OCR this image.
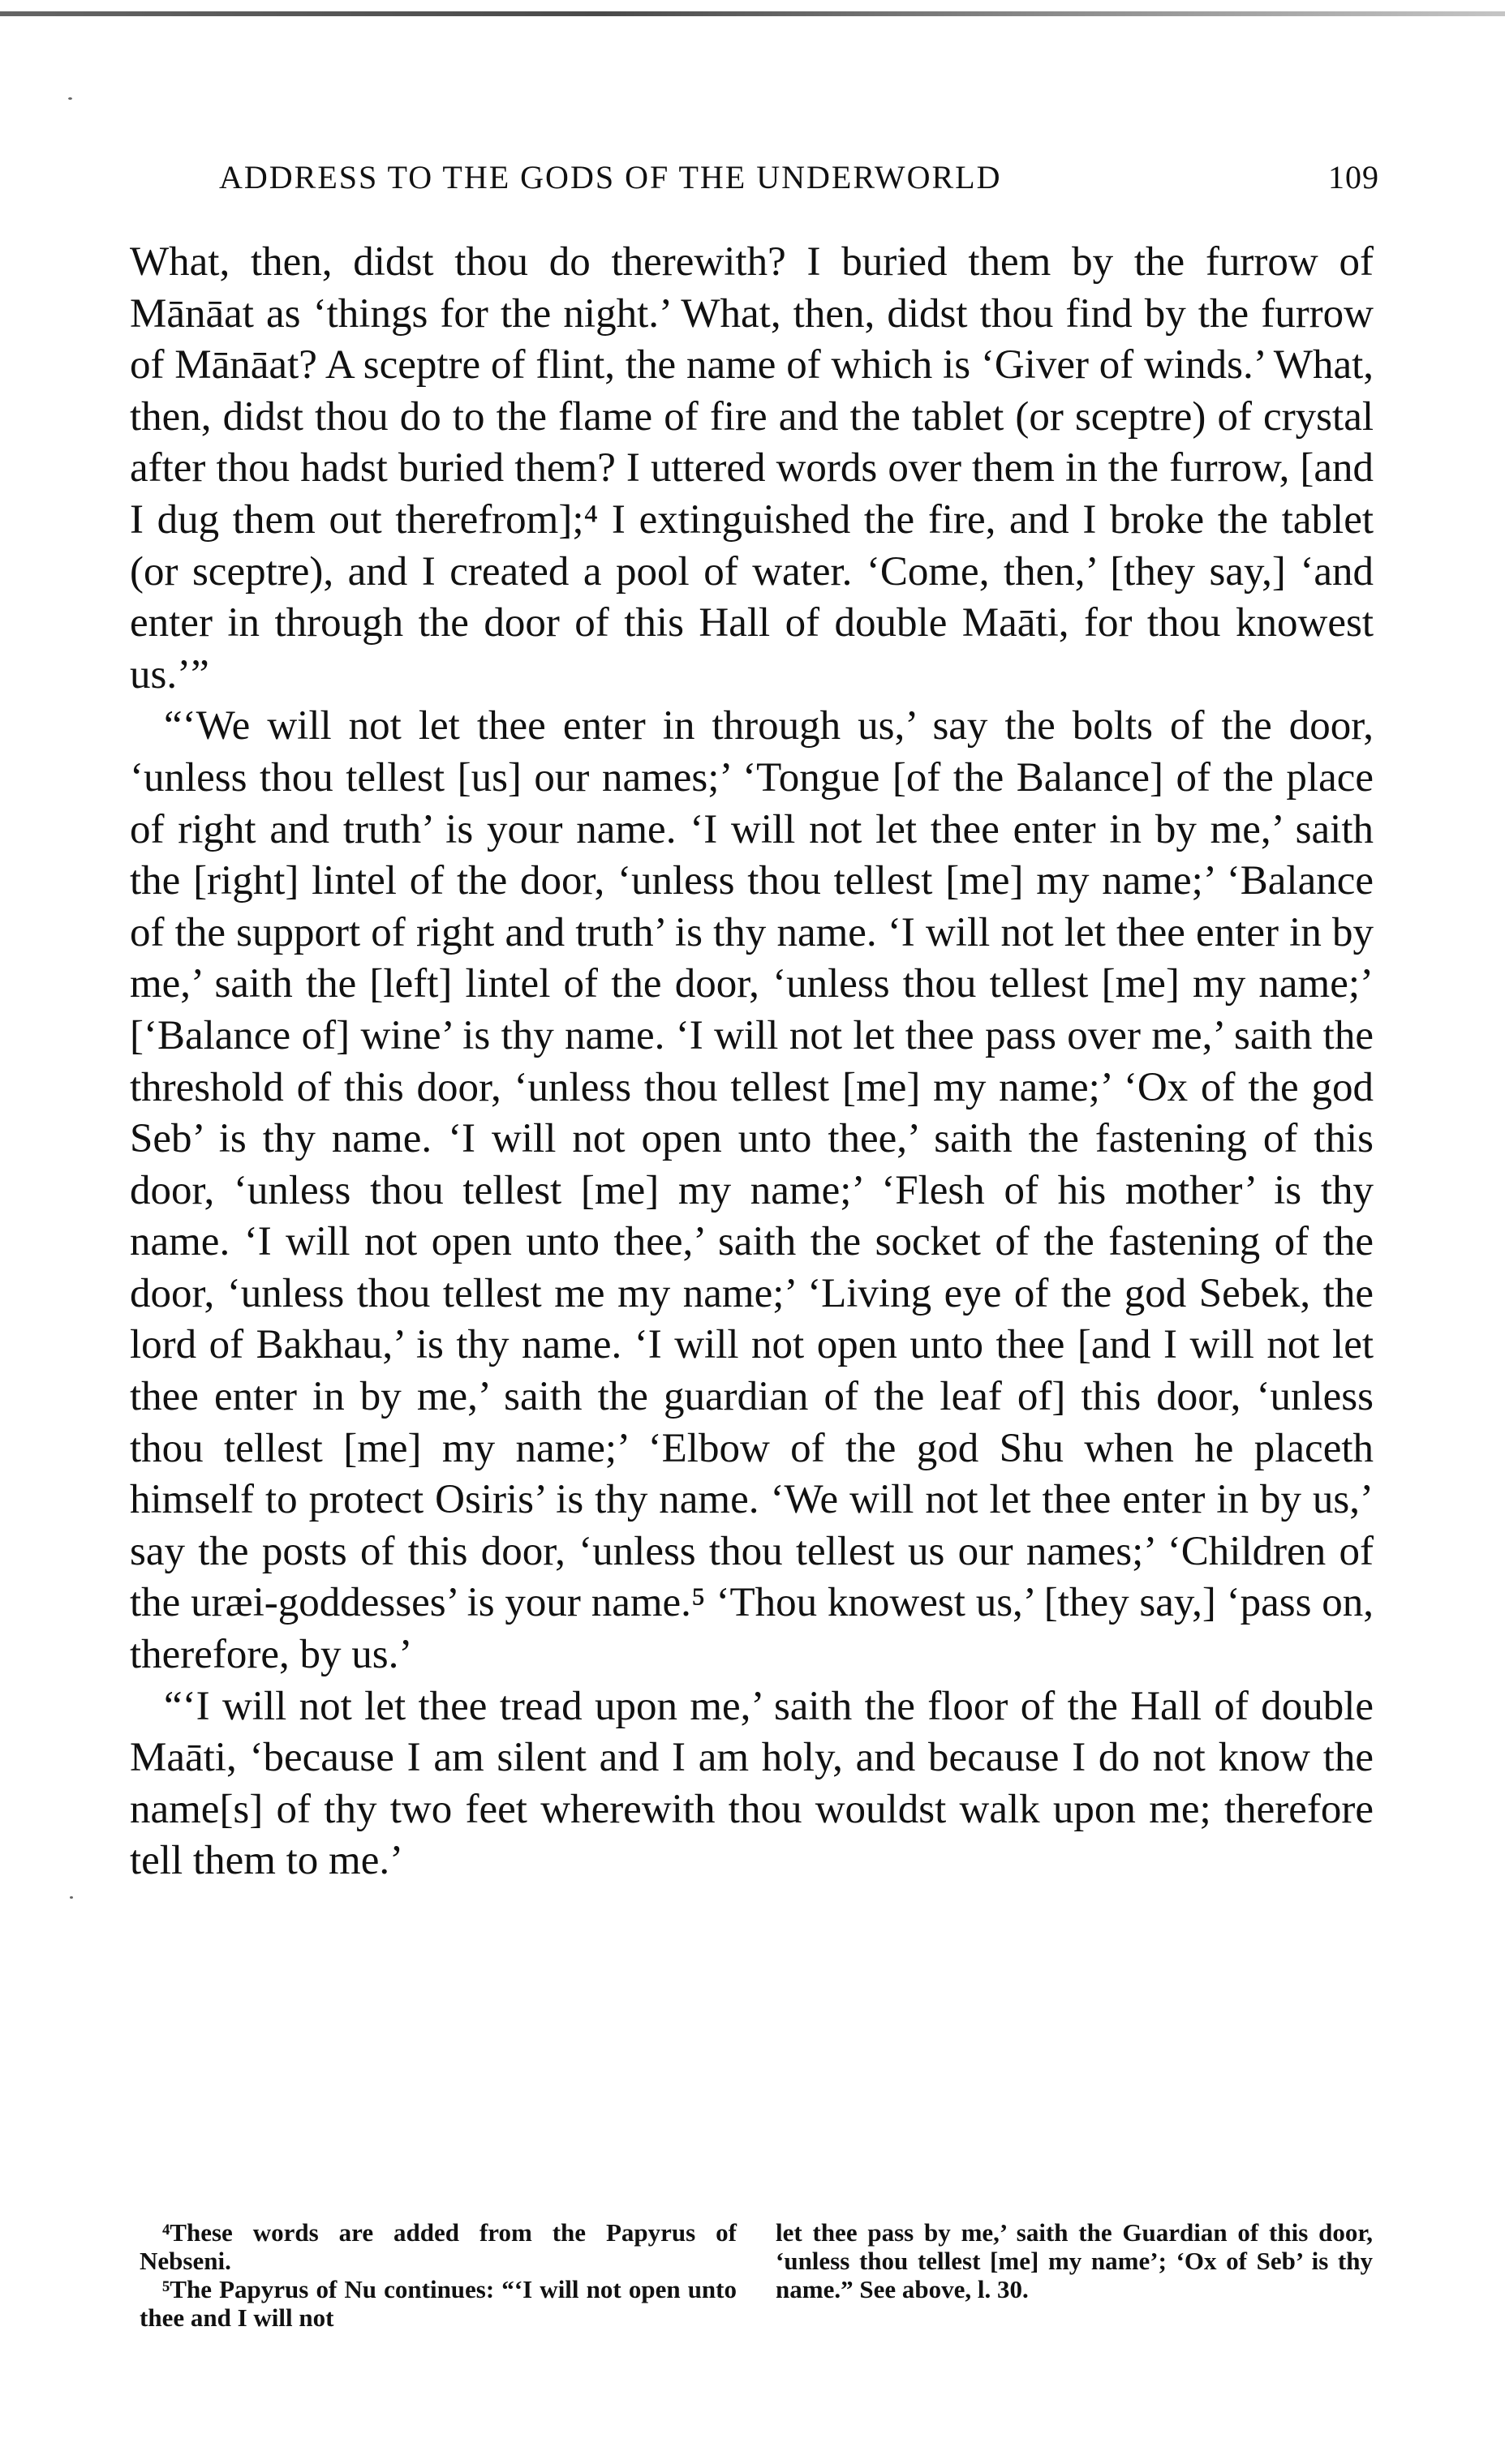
ADDRESS TO THE GODS OF THE UNDERWORLD	109

What, then, didst thou do therewith? I buried them by the furrow of Mānāat as ‘things for the night.’ What, then, didst thou find by the furrow of Mānāat? A sceptre of flint, the name of which is ‘Giver of winds.’ What, then, didst thou do to the flame of fire and the tablet (or sceptre) of crystal after thou hadst buried them? I uttered words over them in the furrow, [and I dug them out therefrom];⁴ I extinguished the fire, and I broke the tablet (or sceptre), and I created a pool of water. ‘Come, then,’ [they say,] ‘and enter in through the door of this Hall of double Maāti, for thou knowest us.’”

“‘We will not let thee enter in through us,’ say the bolts of the door, ‘unless thou tellest [us] our names;’ ‘Tongue [of the Balance] of the place of right and truth’ is your name. ‘I will not let thee enter in by me,’ saith the [right] lintel of the door, ‘unless thou tellest [me] my name;’ ‘Balance of the support of right and truth’ is thy name. ‘I will not let thee enter in by me,’ saith the [left] lintel of the door, ‘unless thou tellest [me] my name;’ [‘Balance of] wine’ is thy name. ‘I will not let thee pass over me,’ saith the threshold of this door, ‘unless thou tellest [me] my name;’ ‘Ox of the god Seb’ is thy name. ‘I will not open unto thee,’ saith the fastening of this door, ‘unless thou tellest [me] my name;’ ‘Flesh of his mother’ is thy name. ‘I will not open unto thee,’ saith the socket of the fastening of the door, ‘unless thou tellest me my name;’ ‘Living eye of the god Sebek, the lord of Bakhau,’ is thy name. ‘I will not open unto thee [and I will not let thee enter in by me,’ saith the guardian of the leaf of] this door, ‘unless thou tellest [me] my name;’ ‘Elbow of the god Shu when he placeth himself to protect Osiris’ is thy name. ‘We will not let thee enter in by us,’ say the posts of this door, ‘unless thou tellest us our names;’ ‘Children of the uræi-goddesses’ is your name.⁵ ‘Thou knowest us,’ [they say,] ‘pass on, therefore, by us.’

“‘I will not let thee tread upon me,’ saith the floor of the Hall of double Maāti, ‘because I am silent and I am holy, and because I do not know the name[s] of thy two feet wherewith thou wouldst walk upon me; therefore tell them to me.’

⁴These words are added from the Papyrus of Nebseni.

⁵The Papyrus of Nu continues: “‘I will not open unto thee and I will not

let thee pass by me,’ saith the Guardian of this door, ‘unless thou tellest [me] my name’; ‘Ox of Seb’ is thy name.” See above, l. 30.
